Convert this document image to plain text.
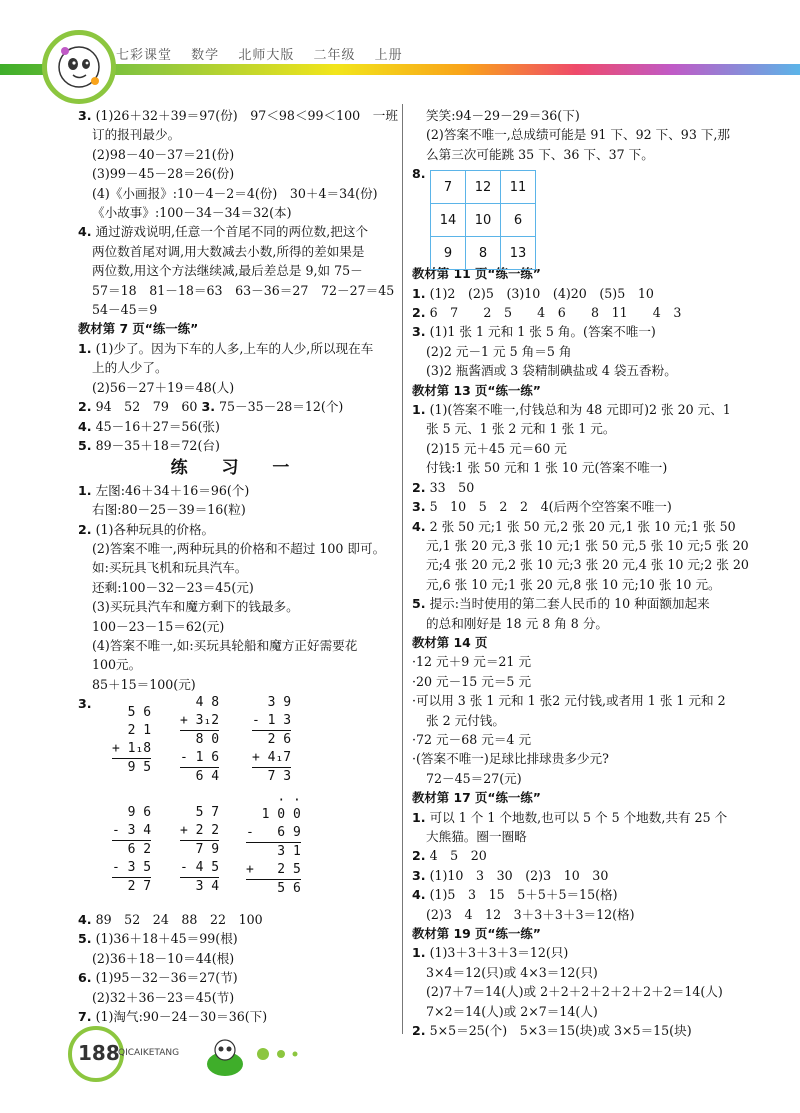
七彩课堂 数学 北师大版 二年级 上册
3. (1)26＋32＋39＝97(份)　97＜98＜99＜100　一班
订的报刊最少。
(2)98－40－37＝21(份)
(3)99－45－28＝26(份)
(4)《小画报》:10－4－2＝4(份)　30＋4＝34(份)
《小故事》:100－34－34＝32(本)
4. 通过游戏说明,任意一个首尾不同的两位数,把这个
两位数首尾对调,用大数减去小数,所得的差如果是
两位数,用这个方法继续减,最后差总是 9,如 75－
57＝18　81－18＝63　63－36＝27　72－27＝45
54－45＝9
教材第 7 页“练一练”
1. (1)少了。因为下车的人多,上车的人少,所以现在车
上的人少了。
(2)56－27＋19＝48(人)
2. 94　52　79　60 3. 75－35－28＝12(个)
4. 45－16＋27＝56(张)
5. 89－35＋18＝72(台)
练 习 一
1. 左图:46＋34＋16＝96(个)
右图:80－25－39＝16(粒)
2. (1)各种玩具的价格。
(2)答案不唯一,两种玩具的价格和不超过 100 即可。
如:买玩具飞机和玩具汽车。
还剩:100－32－23＝45(元)
(3)买玩具汽车和魔方剩下的钱最多。
100－23－15＝62(元)
(4)答案不唯一,如:买玩具轮船和魔方正好需要花
100元。
85＋15＝100(元)
3.
5 6
2 1
+ 1₁8
9 5
4 8
+ 3₁2
8 0
- 1 6
6 4
3 9
- 1 3
2 6
+ 4₁7
7 3
9 6
- 3 4
6 2
- 3 5
2 7
5 7
+ 2 2
7 9
- 4 5
3 4
· ·
1 0 0
-   6 9
3 1
+   2 5
5 6
4. 89　52　24　88　22　100
5. (1)36＋18＋45＝99(根)
(2)36＋18－10＝44(根)
6. (1)95－32－36＝27(节)
(2)32＋36－23＝45(节)
7. (1)淘气:90－24－30＝36(下)
笑笑:94－29－29＝36(下)
(2)答案不唯一,总成绩可能是 91 下、92 下、93 下,那
么第三次可能跳 35 下、36 下、37 下。
8.
教材第 11 页“练一练”
1. (1)2　(2)5　(3)10　(4)20　(5)5　10
2. 6　7　　2　5　　4　6　　8　11　　4　3
3. (1)1 张 1 元和 1 张 5 角。(答案不唯一)
(2)2 元－1 元 5 角＝5 角
(3)2 瓶酱酒或 3 袋精制碘盐或 4 袋五香粉。
教材第 13 页“练一练”
1. (1)(答案不唯一,付钱总和为 48 元即可)2 张 20 元、1
张 5 元、1 张 2 元和 1 张 1 元。
(2)15 元＋45 元＝60 元
付钱:1 张 50 元和 1 张 10 元(答案不唯一)
2. 33　50
3. 5　10　5　2　2　4(后两个空答案不唯一)
4. 2 张 50 元;1 张 50 元,2 张 20 元,1 张 10 元;1 张 50
元,1 张 20 元,3 张 10 元;1 张 50 元,5 张 10 元;5 张 20
元;4 张 20 元,2 张 10 元;3 张 20 元,4 张 10 元;2 张 20
元,6 张 10 元;1 张 20 元,8 张 10 元;10 张 10 元。
5. 提示:当时使用的第二套人民币的 10 种面额加起来
的总和刚好是 18 元 8 角 8 分。
教材第 14 页
·12 元＋9 元＝21 元
·20 元－15 元＝5 元
·可以用 3 张 1 元和 1 张2 元付钱,或者用 1 张 1 元和 2
张 2 元付钱。
·72 元－68 元＝4 元
·(答案不唯一)足球比排球贵多少元?
72－45＝27(元)
教材第 17 页“练一练”
1. 可以 1 个 1 个地数,也可以 5 个 5 个地数,共有 25 个
大熊猫。圈一圈略
2. 4　5　20
3. (1)10　3　30　(2)3　10　30
4. (1)5　3　15　5＋5＋5＝15(格)
(2)3　4　12　3＋3＋3＋3＝12(格)
教材第 19 页“练一练”
1. (1)3＋3＋3＋3＝12(只)
3×4＝12(只)或 4×3＝12(只)
(2)7＋7＝14(人)或 2＋2＋2＋2＋2＋2＋2＝14(人)
7×2＝14(人)或 2×7＝14(人)
2. 5×5＝25(个)　5×3＝15(块)或 3×5＝15(块)
7	12	11
14	10	6
9	8	13
188
QICAIKETANG
